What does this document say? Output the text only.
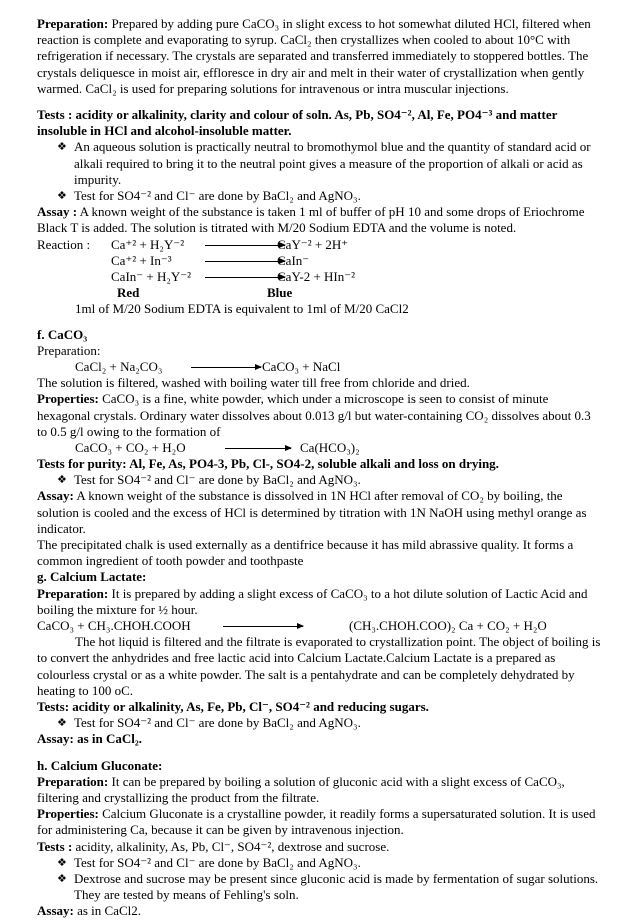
Preparation: Prepared by adding pure CaCO₃ in slight excess to hot somewhat diluted HCl, filtered when reaction is complete and evaporating to syrup. CaCl₂ then crystallizes when cooled to about 10°C with refrigeration if necessary. The crystals are separated and transferred immediately to stoppered bottles. The crystals deliquesce in moist air, effloresce in dry air and melt in their water of crystallization when gently warmed. CaCl₂ is used for preparing solutions for intravenous or intra muscular injections.

Tests : acidity or alkalinity, clarity and colour of soln. As, Pb, SO4⁻², Al, Fe, PO4⁻³ and matter insoluble in HCl and alcohol-insoluble matter.

❖ An aqueous solution is practically neutral to bromothymol blue and the quantity of standard acid or alkali required to bring it to the neutral point gives a measure of the proportion of alkali or acid as impurity.
❖ Test for SO4⁻² and Cl⁻ are done by BaCl₂ and AgNO₃.

Assay : A known weight of the substance is taken 1 ml of buffer of pH 10 and some drops of Eriochrome Black T is added. The solution is titrated with M/20 Sodium EDTA and the volume is noted.

Reaction : Ca⁺² + H₂Y⁻²	CaY⁻² + 2H⁺
Ca⁺² + In⁻³	CaIn⁻
CaIn⁻ + H₂Y⁻²	CaY-2 + HIn⁻²
Red	Blue

1ml of M/20 Sodium EDTA is equivalent to 1ml of M/20 CaCl2

f. CaCO₃

Preparation:

CaCl₂ + Na₂CO₃	CaCO₃ + NaCl

The solution is filtered, washed with boiling water till free from chloride and dried.

Properties: CaCO₃ is a fine, white powder, which under a microscope is seen to consist of minute hexagonal crystals. Ordinary water dissolves about 0.013 g/l but water-containing CO₂ dissolves about 0.3 to 0.5 g/l owing to the formation of

CaCO₃ + CO₂ + H₂O	Ca(HCO₃)₂

Tests for purity: Al, Fe, As, PO4-3, Pb, Cl-, SO4-2, soluble alkali and loss on drying.

❖ Test for SO4⁻² and Cl⁻ are done by BaCl₂ and AgNO₃.

Assay: A known weight of the substance is dissolved in 1N HCl after removal of CO₂ by boiling, the solution is cooled and the excess of HCl is determined by titration with 1N NaOH using methyl orange as indicator.

The precipitated chalk is used externally as a dentifrice because it has mild abrassive quality. It forms a common ingredient of tooth powder and toothpaste

g. Calcium Lactate:

Preparation: It is prepared by adding a slight excess of CaCO₃ to a hot dilute solution of Lactic Acid and boiling the mixture for ½ hour.

CaCO₃ + CH₃.CHOH.COOH	(CH₃.CHOH.COO)₂ Ca + CO₂ + H₂O

The hot liquid is filtered and the filtrate is evaporated to crystallization point. The object of boiling is to convert the anhydrides and free lactic acid into Calcium Lactate.Calcium Lactate is a prepared as colourless crystal or as a white powder. The salt is a pentahydrate and can be completely dehydrated by heating to 100 oC.

Tests: acidity or alkalinity, As, Fe, Pb, Cl⁻, SO4⁻² and reducing sugars.

❖ Test for SO4⁻² and Cl⁻ are done by BaCl₂ and AgNO₃.

Assay: as in CaCl₂.

h. Calcium Gluconate:

Preparation: It can be prepared by boiling a solution of gluconic acid with a slight excess of CaCO₃, filtering and crystallizing the product from the filtrate.

Properties: Calcium Gluconate is a crystalline powder, it readily forms a supersaturated solution. It is used for administering Ca, because it can be given by intravenous injection.

Tests : acidity, alkalinity, As, Pb, Cl⁻, SO4⁻², dextrose and sucrose.

❖ Test for SO4⁻² and Cl⁻ are done by BaCl₂ and AgNO₃.
❖ Dextrose and sucrose may be present since gluconic acid is made by fermentation of sugar solutions. They are tested by means of Fehling's soln.

Assay: as in CaCl2.
